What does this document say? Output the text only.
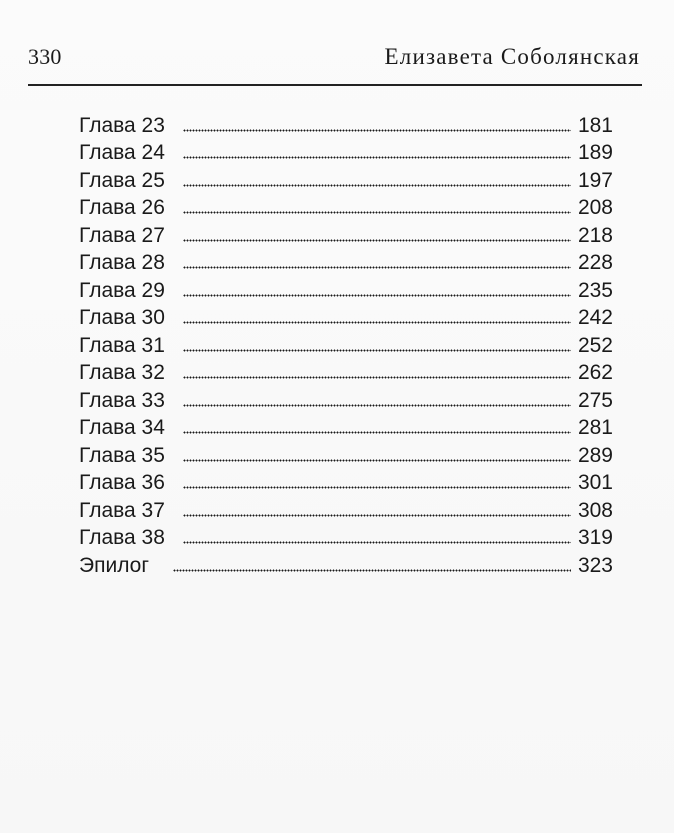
330	Елизавета Соболянская
Глава 23	181
Глава 24	189
Глава 25	197
Глава 26	208
Глава 27	218
Глава 28	228
Глава 29	235
Глава 30	242
Глава 31	252
Глава 32	262
Глава 33	275
Глава 34	281
Глава 35	289
Глава 36	301
Глава 37	308
Глава 38	319
Эпилог	323
